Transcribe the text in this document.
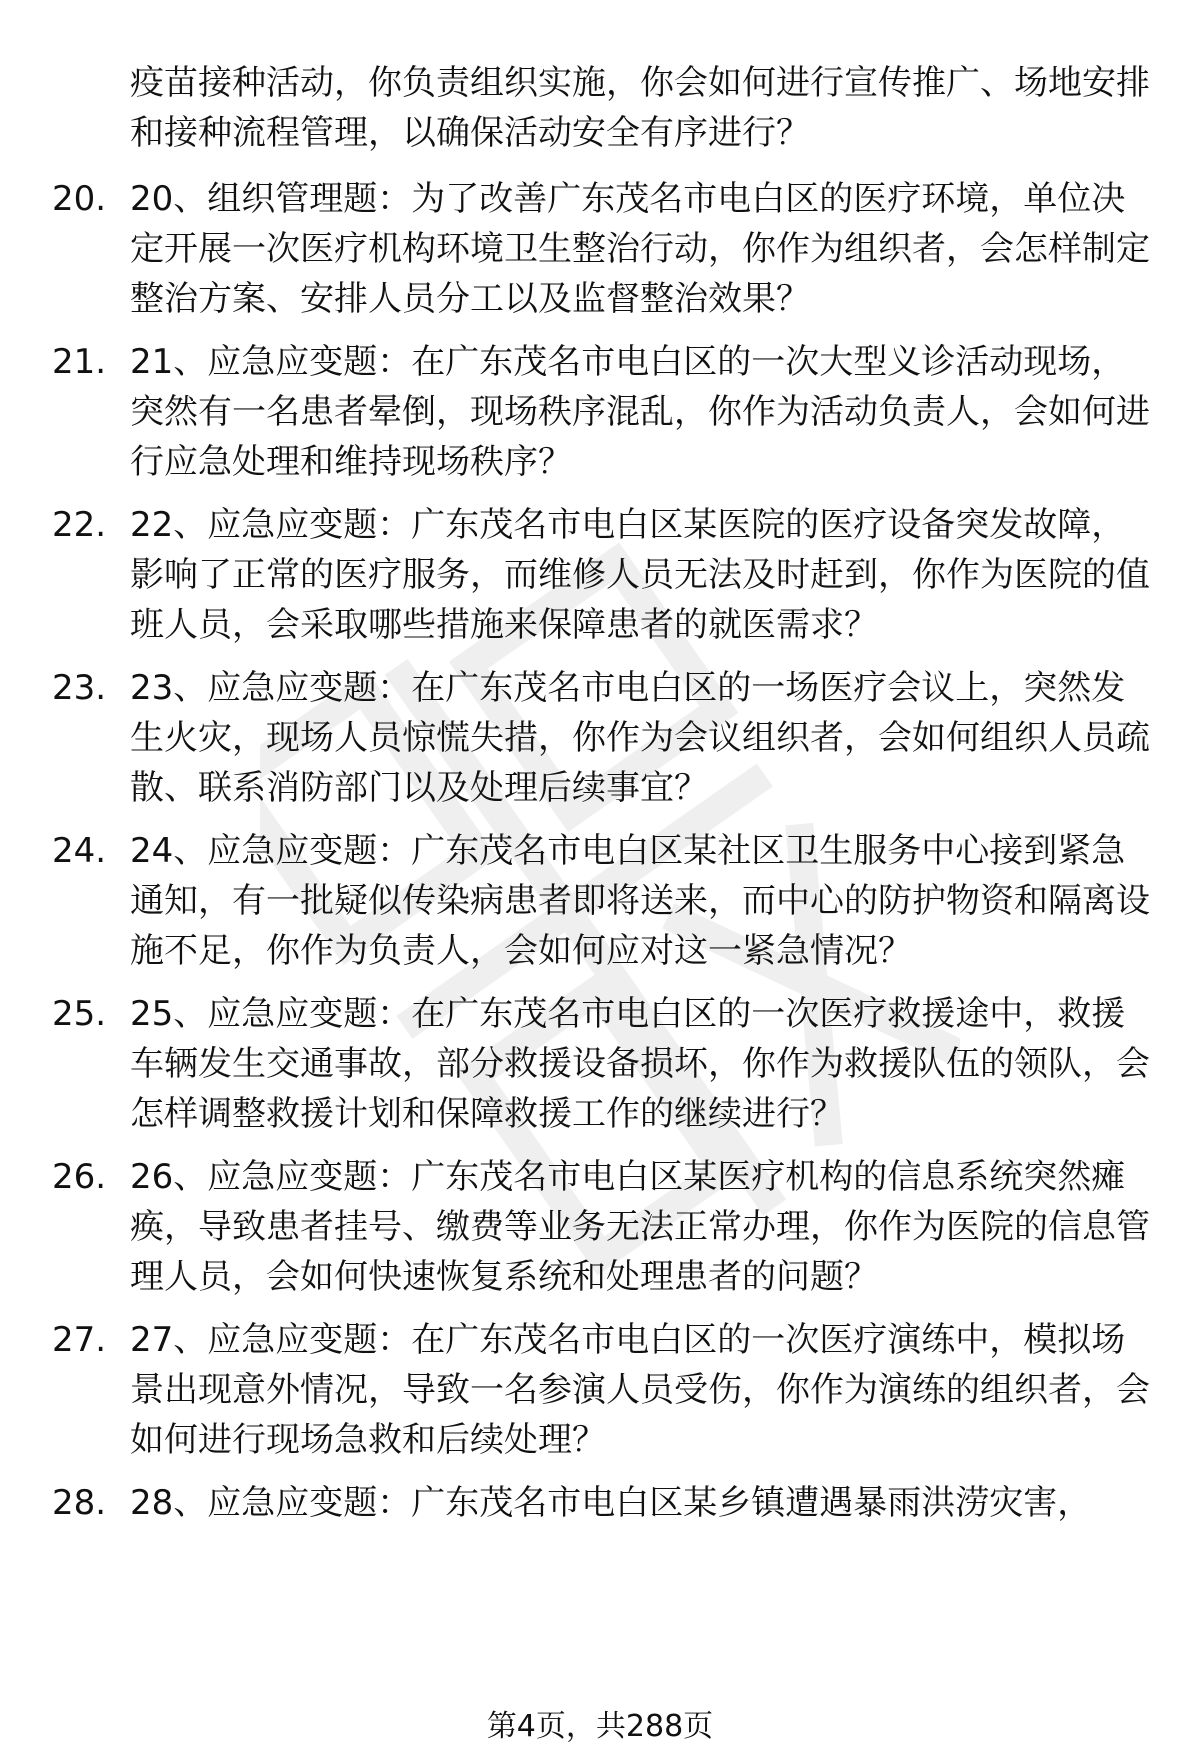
疫苗接种活动，你负责组织实施，你会如何进行宣传推广、场地安排和接种流程管理，以确保活动安全有序进行？
20. 20、组织管理题：为了改善广东茂名市电白区的医疗环境，单位决定开展一次医疗机构环境卫生整治行动，你作为组织者，会怎样制定整治方案、安排人员分工以及监督整治效果？
21. 21、应急应变题：在广东茂名市电白区的一次大型义诊活动现场，突然有一名患者晕倒，现场秩序混乱，你作为活动负责人，会如何进行应急处理和维持现场秩序？
22. 22、应急应变题：广东茂名市电白区某医院的医疗设备突发故障，影响了正常的医疗服务，而维修人员无法及时赶到，你作为医院的值班人员，会采取哪些措施来保障患者的就医需求？
23. 23、应急应变题：在广东茂名市电白区的一场医疗会议上，突然发生火灾，现场人员惊慌失措，你作为会议组织者，会如何组织人员疏散、联系消防部门以及处理后续事宜？
24. 24、应急应变题：广东茂名市电白区某社区卫生服务中心接到紧急通知，有一批疑似传染病患者即将送来，而中心的防护物资和隔离设施不足，你作为负责人，会如何应对这一紧急情况？
25. 25、应急应变题：在广东茂名市电白区的一次医疗救援途中，救援车辆发生交通事故，部分救援设备损坏，你作为救援队伍的领队，会怎样调整救援计划和保障救援工作的继续进行？
26. 26、应急应变题：广东茂名市电白区某医疗机构的信息系统突然瘫痪，导致患者挂号、缴费等业务无法正常办理，你作为医院的信息管理人员，会如何快速恢复系统和处理患者的问题？
27. 27、应急应变题：在广东茂名市电白区的一次医疗演练中，模拟场景出现意外情况，导致一名参演人员受伤，你作为演练的组织者，会如何进行现场急救和后续处理？
28. 28、应急应变题：广东茂名市电白区某乡镇遭遇暴雨洪涝灾害，
第4页，共288页
